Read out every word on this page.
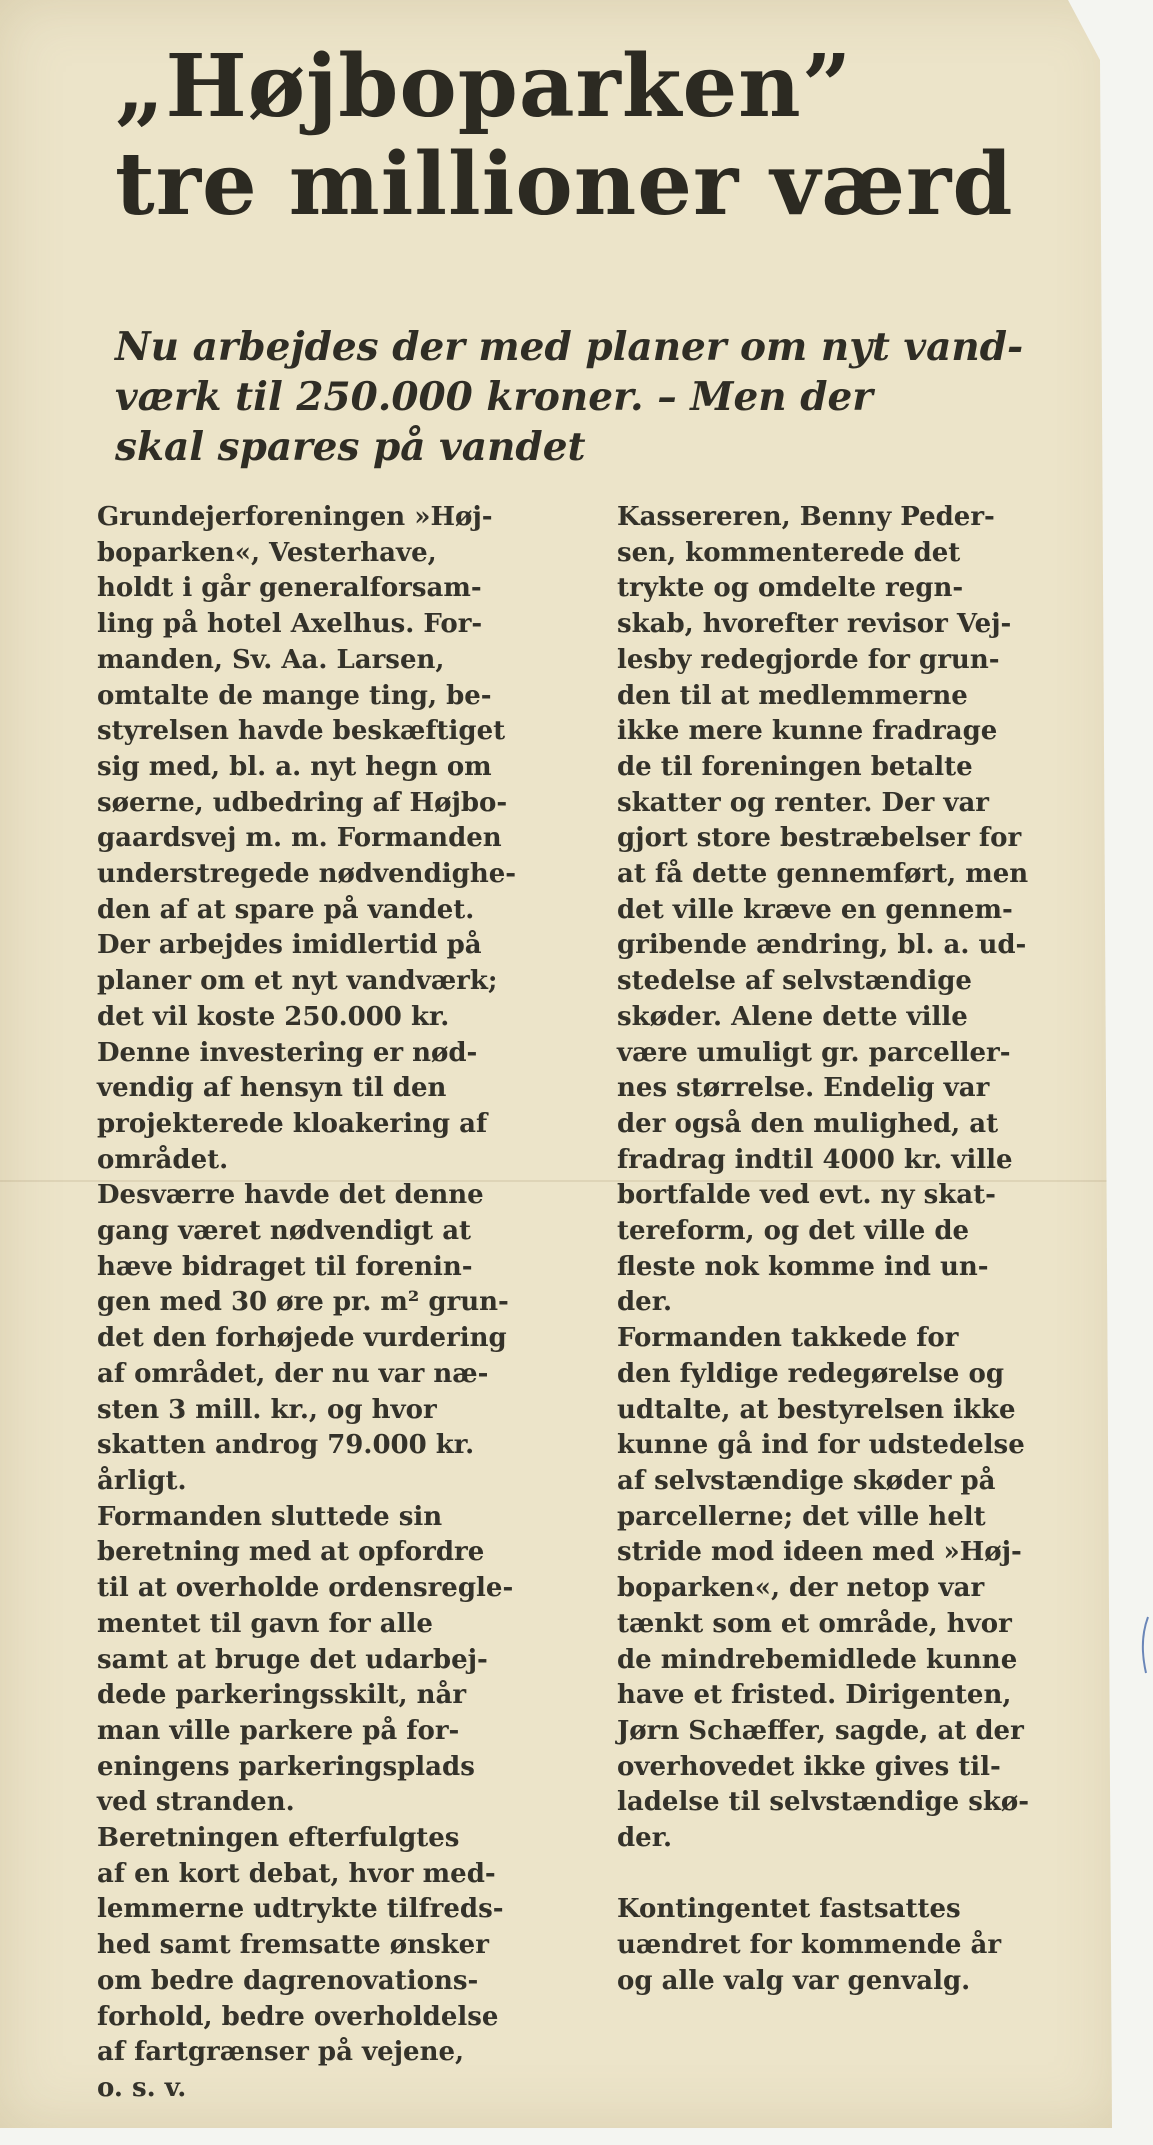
„Højboparken”
tre millioner værd
Nu arbejdes der med planer om nyt vand-
værk til 250.000 kroner. – Men der
skal spares på vandet
Grundejerforeningen »Høj-
boparken«, Vesterhave,
holdt i går generalforsam-
ling på hotel Axelhus. For-
manden, Sv. Aa. Larsen,
omtalte de mange ting, be-
styrelsen havde beskæftiget
sig med, bl. a. nyt hegn om
søerne, udbedring af Højbo-
gaardsvej m. m. Formanden
understregede nødvendighe-
den af at spare på vandet.
Der arbejdes imidlertid på
planer om et nyt vandværk;
det vil koste 250.000 kr.
Denne investering er nød-
vendig af hensyn til den
projekterede kloakering af
området.
Desværre havde det denne
gang været nødvendigt at
hæve bidraget til forenin-
gen med 30 øre pr. m² grun-
det den forhøjede vurdering
af området, der nu var næ-
sten 3 mill. kr., og hvor
skatten androg 79.000 kr.
årligt.
Formanden sluttede sin
beretning med at opfordre
til at overholde ordensregle-
mentet til gavn for alle
samt at bruge det udarbej-
dede parkeringsskilt, når
man ville parkere på for-
eningens parkeringsplads
ved stranden.
Beretningen efterfulgtes
af en kort debat, hvor med-
lemmerne udtrykte tilfreds-
hed samt fremsatte ønsker
om bedre dagrenovations-
forhold, bedre overholdelse
af fartgrænser på vejene,
o. s. v.
Kassereren, Benny Peder-
sen, kommenterede det
trykte og omdelte regn-
skab, hvorefter revisor Vej-
lesby redegjorde for grun-
den til at medlemmerne
ikke mere kunne fradrage
de til foreningen betalte
skatter og renter. Der var
gjort store bestræbelser for
at få dette gennemført, men
det ville kræve en gennem-
gribende ændring, bl. a. ud-
stedelse af selvstændige
skøder. Alene dette ville
være umuligt gr. parceller-
nes størrelse. Endelig var
der også den mulighed, at
fradrag indtil 4000 kr. ville
bortfalde ved evt. ny skat-
tereform, og det ville de
fleste nok komme ind un-
der.
Formanden takkede for
den fyldige redegørelse og
udtalte, at bestyrelsen ikke
kunne gå ind for udstedelse
af selvstændige skøder på
parcellerne; det ville helt
stride mod ideen med »Høj-
boparken«, der netop var
tænkt som et område, hvor
de mindrebemidlede kunne
have et fristed. Dirigenten,
Jørn Schæffer, sagde, at der
overhovedet ikke gives til-
ladelse til selvstændige skø-
der.

Kontingentet fastsattes
uændret for kommende år
og alle valg var genvalg.
